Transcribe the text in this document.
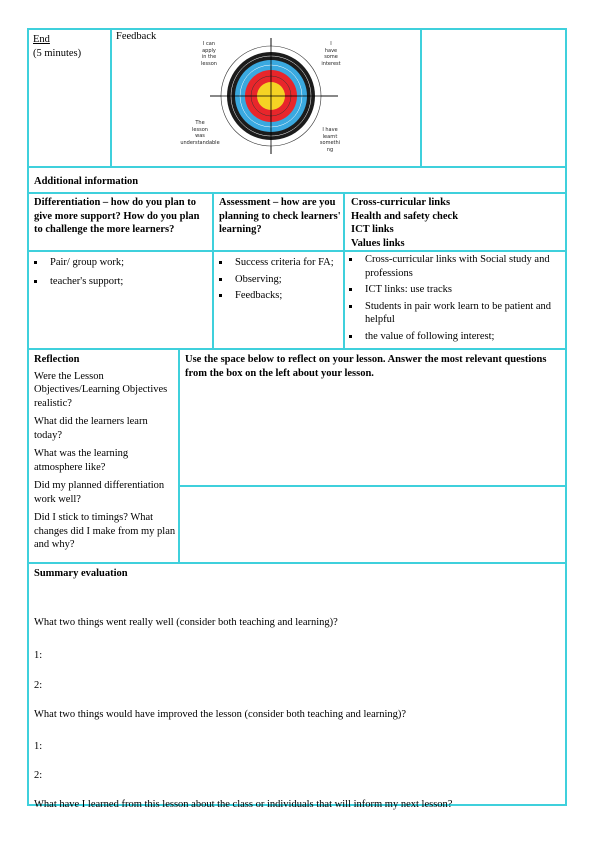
End
(5 minutes)
Feedback
I can
apply
in the
lesson
I
have
some
interest
The
lesson
was
understandable
I have
learnt
somethi
ng
Additional information
Differentiation – how do you plan to give more support? How do you plan to challenge the more learners?
Assessment – how are you planning to check learners' learning?
Cross-curricular links
Health and safety check
ICT links
Values links
Pair/ group work;
teacher's support;
Success criteria for FA;
Observing;
Feedbacks;
Cross-curricular links with Social study and professions
ICT links: use tracks
Students in pair work learn to be patient and helpful
the value of following interest;
Reflection
Were the Lesson Objectives/Learning Objectives realistic?
What did the learners learn today?
What was the learning atmosphere like?
Did my planned differentiation work well?
Did I stick to timings? What changes did I make from my plan and why?
Use the space below to reflect on your lesson. Answer the most relevant questions from the box on the left about your lesson.
Summary evaluation
What two things went really well (consider both teaching and learning)?
1:
2:
What two things would have improved the lesson (consider both teaching and learning)?
1:
2:
What have I learned from this lesson about the class or individuals that will inform my next lesson?
